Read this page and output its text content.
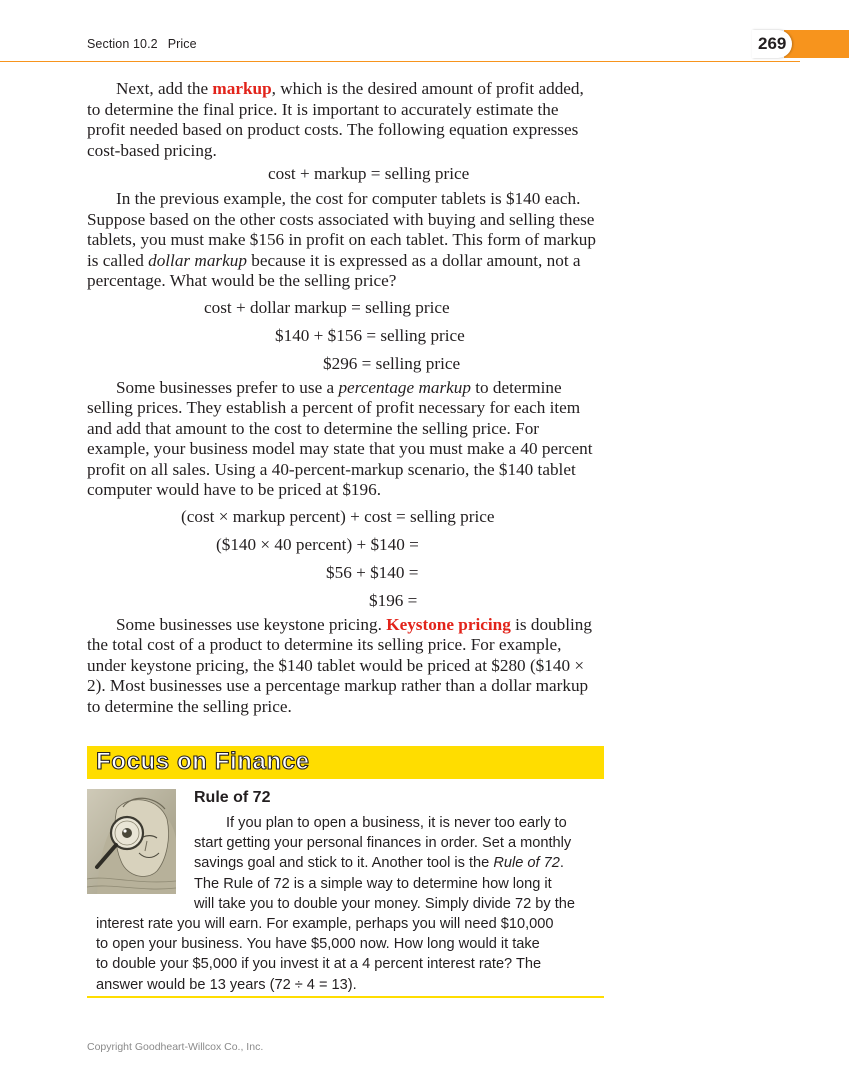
Section 10.2 Price	269

Next, add the markup, which is the desired amount of profit added, to determine the final price. It is important to accurately estimate the profit needed based on product costs. The following equation expresses cost-based pricing.

cost + markup = selling price

In the previous example, the cost for computer tablets is $140 each. Suppose based on the other costs associated with buying and selling these tablets, you must make $156 in profit on each tablet. This form of markup is called dollar markup because it is expressed as a dollar amount, not a percentage. What would be the selling price?

cost + dollar markup = selling price
$140 + $156 = selling price
$296 = selling price

Some businesses prefer to use a percentage markup to determine selling prices. They establish a percent of profit necessary for each item and add that amount to the cost to determine the selling price. For example, your business model may state that you must make a 40 percent profit on all sales. Using a 40-percent-markup scenario, the $140 tablet computer would have to be priced at $196.

(cost × markup percent) + cost = selling price
($140 × 40 percent) + $140 =
$56 + $140 =
$196 =

Some businesses use keystone pricing. Keystone pricing is doubling the total cost of a product to determine its selling price. For example, under keystone pricing, the $140 tablet would be priced at $280 ($140 × 2). Most businesses use a percentage markup rather than a dollar markup to determine the selling price.

Focus on Finance
Rule of 72
If you plan to open a business, it is never too early to
start getting your personal finances in order. Set a monthly
savings goal and stick to it. Another tool is the Rule of 72.
The Rule of 72 is a simple way to determine how long it
will take you to double your money. Simply divide 72 by the
interest rate you will earn. For example, perhaps you will need $10,000
to open your business. You have $5,000 now. How long would it take
to double your $5,000 if you invest it at a 4 percent interest rate? The
answer would be 13 years (72 ÷ 4 = 13).
Copyright Goodheart-Willcox Co., Inc.
